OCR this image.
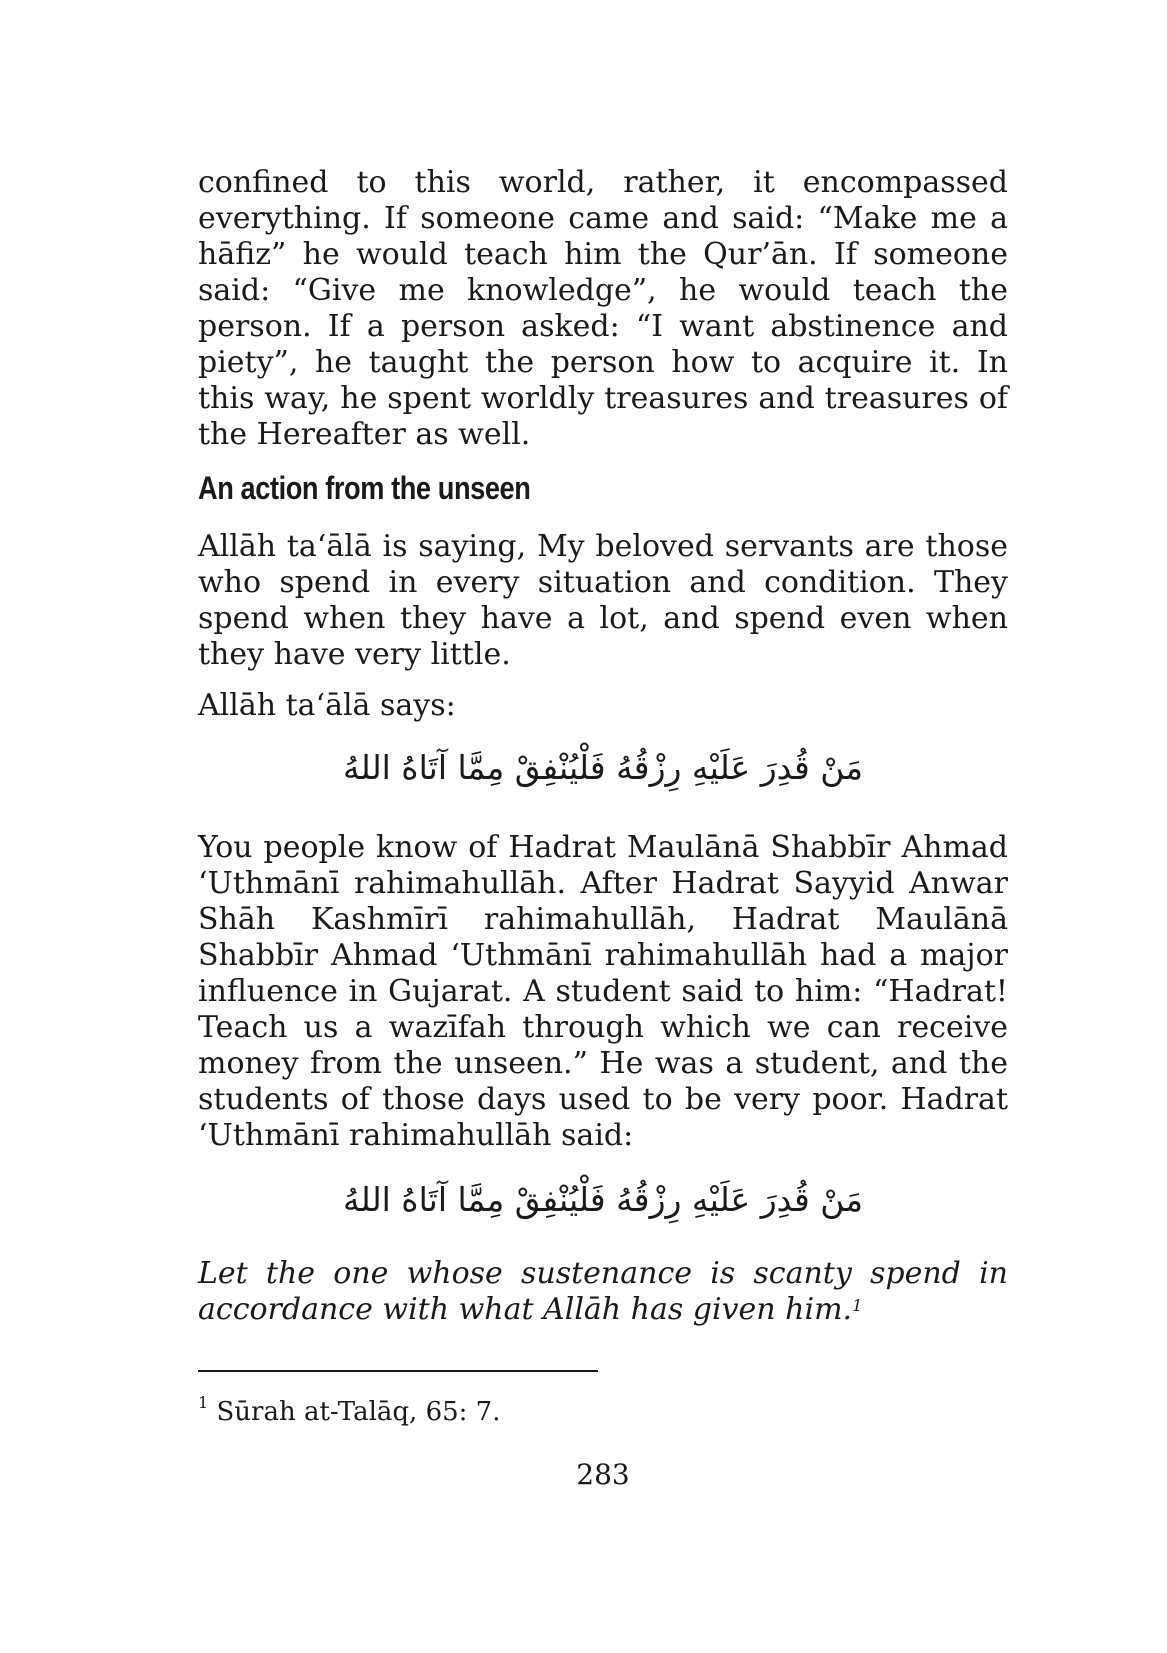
confined to this world, rather, it encompassed everything. If someone came and said: “Make me a hāfiz” he would teach him the Qur’ān. If someone said: “Give me knowledge”, he would teach the person. If a person asked: “I want abstinence and piety”, he taught the person how to acquire it. In this way, he spent worldly treasures and treasures of the Hereafter as well.

An action from the unseen

Allāh ta‘ālā is saying, My beloved servants are those who spend in every situation and condition. They spend when they have a lot, and spend even when they have very little.

Allāh ta‘ālā says:

مَنْ قُدِرَ عَلَيْهِ رِزْقُهُ فَلْيُنْفِقْ مِمَّا آتَاهُ اللهُ

You people know of Hadrat Maulānā Shabbīr Ahmad ‘Uthmānī rahimahullāh. After Hadrat Sayyid Anwar Shāh Kashmīrī rahimahullāh, Hadrat Maulānā Shabbīr Ahmad ‘Uthmānī rahimahullāh had a major influence in Gujarat. A student said to him: “Hadrat! Teach us a wazīfah through which we can receive money from the unseen.” He was a student, and the students of those days used to be very poor. Hadrat ‘Uthmānī rahimahullāh said:

مَنْ قُدِرَ عَلَيْهِ رِزْقُهُ فَلْيُنْفِقْ مِمَّا آتَاهُ اللهُ

Let the one whose sustenance is scanty spend in accordance with what Allāh has given him.$^1$

$^1$ Sūrah at-Talāq, 65: 7.
283
